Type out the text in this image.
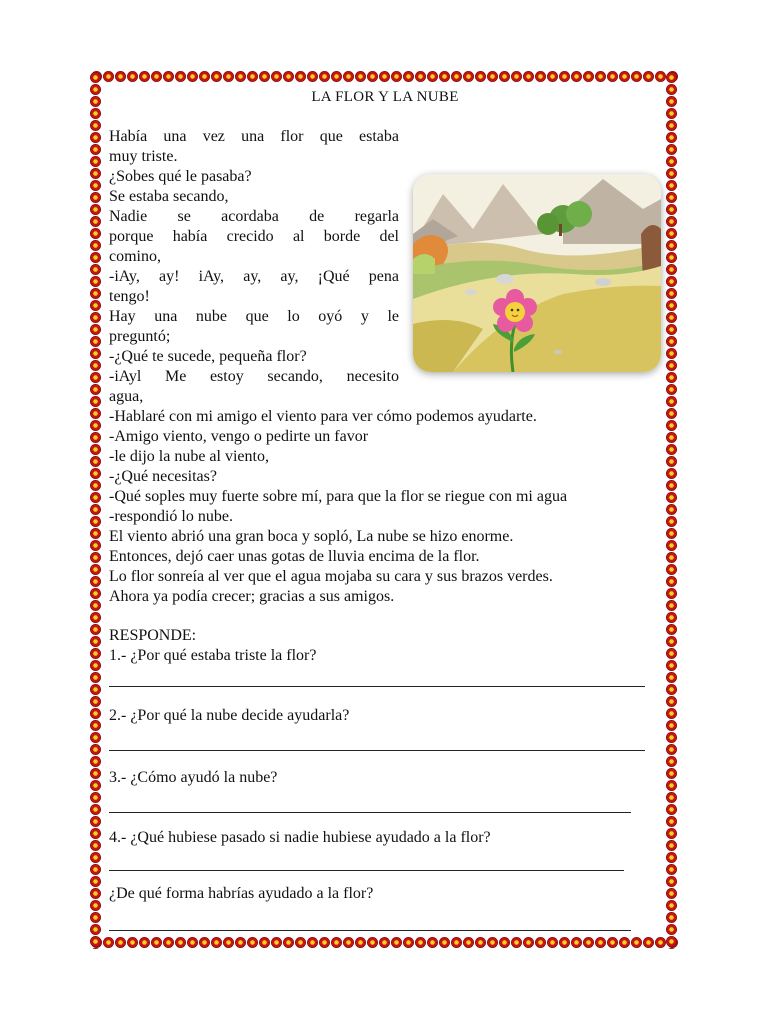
LA FLOR Y LA NUBE
Había una vez una flor que estaba
muy triste.
¿Sobes qué le pasaba?
Se estaba secando,
Nadie se acordaba de regarla
porque había crecido al borde del
comino,
-iAy, ay! iAy, ay, ay, ¡Qué pena
tengo!
Hay una nube que lo oyó y le
preguntó;
-¿Qué te sucede, pequeña flor?
-iAyl Me estoy secando, necesito
agua,
-Hablaré con mi amigo el viento para ver cómo podemos ayudarte.
-Amigo viento, vengo o pedirte un favor
-le dijo la nube al viento,
-¿Qué necesitas?
-Qué soples muy fuerte sobre mí, para que la flor se riegue con mi agua
-respondió lo nube.
El viento abrió una gran boca y sopló, La nube se hizo enorme.
Entonces, dejó caer unas gotas de lluvia encima de la flor.
Lo flor sonreía al ver que el agua mojaba su cara y sus brazos verdes.
Ahora ya podía crecer; gracias a sus amigos.
RESPONDE:
1.- ¿Por qué estaba triste la flor?
2.- ¿Por qué la nube decide ayudarla?
3.- ¿Cómo ayudó la nube?
4.- ¿Qué hubiese pasado si nadie hubiese ayudado a la flor?
¿De qué forma habrías ayudado a la flor?
